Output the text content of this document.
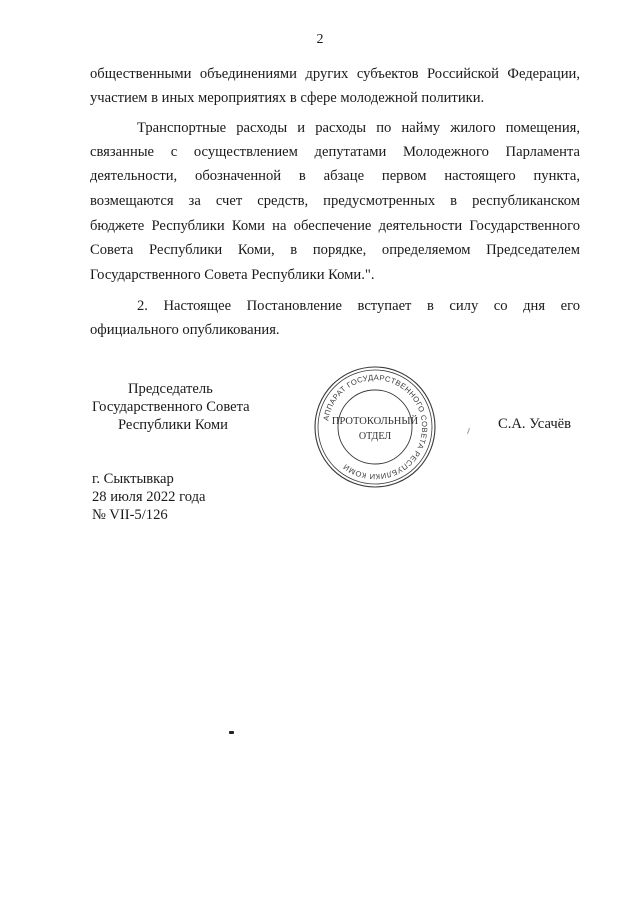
2
общественными объединениями других субъектов Российской Федерации,
участием в иных мероприятиях в сфере молодежной политики.
Транспортные расходы и расходы по найму жилого помещения,
связанные с осуществлением депутатами Молодежного Парламента
деятельности, обозначенной в абзаце первом настоящего пункта,
возмещаются за счет средств, предусмотренных в республиканском
бюджете Республики Коми на обеспечение деятельности Государственного
Совета Республики Коми, в порядке, определяемом Председателем
Государственного Совета Республики Коми.".
2. Настоящее Постановление вступает в силу со дня его
официального опубликования.
Председатель
Государственного Совета
Республики Коми	АППАРАТ ГОСУДАРСТВЕННОГО СОВЕТА РЕСПУБЛИКИ КОМИ
ПРОТОКОЛЬНЫЙ
ОТДЕЛ
С.А. Усачёв
г. Сыктывкар
28 июля 2022 года
№ VII-5/126
